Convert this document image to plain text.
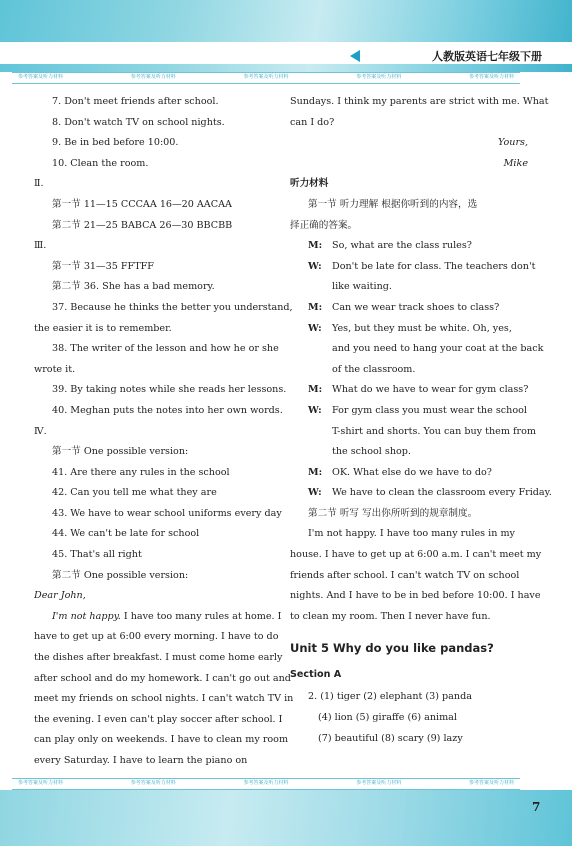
人教版英语七年级下册
参考答案及听力材料	参考答案及听力材料	参考答案及听力材料	参考答案及听力材料	参考答案及听力材料
7. Don't meet friends after school.
8. Don't watch TV on school nights.
9. Be in bed before 10:00.
10. Clean the room.
Ⅱ.
第一节 11—15 CCCAA 16—20 AACAA
第二节 21—25 BABCA 26—30 BBCBB
Ⅲ.
第一节 31—35 FFTFF
第二节 36. She has a bad memory.
37. Because he thinks the better you understand,
the easier it is to remember.
38. The writer of the lesson and how he or she
wrote it.
39. By taking notes while she reads her lessons.
40. Meghan puts the notes into her own words.
Ⅳ.
第一节 One possible version:
41. Are there any rules in the school
42. Can you tell me what they are
43. We have to wear school uniforms every day
44. We can't be late for school
45. That's all right
第二节 One possible version:
Dear John,
I'm not happy. I have too many rules at home. I
have to get up at 6:00 every morning. I have to do
the dishes after breakfast. I must come home early
after school and do my homework. I can't go out and
meet my friends on school nights. I can't watch TV in
the evening. I even can't play soccer after school. I
can play only on weekends. I have to clean my room
every Saturday. I have to learn the piano on
Sundays. I think my parents are strict with me. What
can I do?
Yours,
Mike
听力材料
第一节 听力理解 根据你听到的内容，选
择正确的答案。
M:	So, what are the class rules?
W:	Don't be late for class. The teachers don't
like waiting.
M:	Can we wear track shoes to class?
W:	Yes, but they must be white. Oh, yes,
and you need to hang your coat at the back
of the classroom.
M:	What do we have to wear for gym class?
W:	For gym class you must wear the school
T-shirt and shorts. You can buy them from
the school shop.
M:	OK. What else do we have to do?
W:	We have to clean the classroom every Friday.
第二节 听写 写出你所听到的规章制度。
I'm not happy. I have too many rules in my
house. I have to get up at 6:00 a.m. I can't meet my
friends after school. I can't watch TV on school
nights. And I have to be in bed before 10:00. I have
to clean my room. Then I never have fun.
Unit 5 Why do you like pandas?
Section A
2. (1) tiger (2) elephant (3) panda
(4) lion (5) giraffe (6) animal
(7) beautiful (8) scary (9) lazy
参考答案及听力材料	参考答案及听力材料	参考答案及听力材料	参考答案及听力材料	参考答案及听力材料
7
